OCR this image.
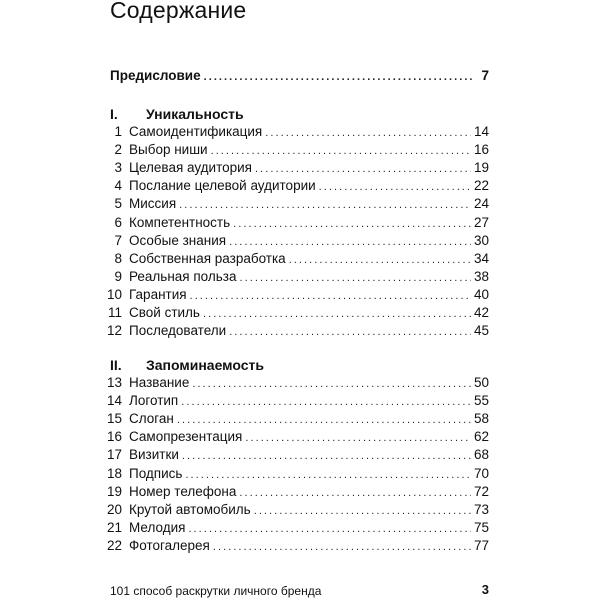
Содержание
Предисловие . . .	7
I.	Уникальность
1 Самоидентификация . . .	14
2 Выбор ниши . . .	16
3 Целевая аудитория . . .	19
4 Послание целевой аудитории . . .	22
5 Миссия . . .	24
6 Компетентность . . .	27
7 Особые знания . . .	30
8 Собственная разработка . . .	34
9 Реальная польза . . .	38
10 Гарантия . . .	40
11 Свой стиль . . .	42
12 Последователи . . .	45
II.	Запоминаемость
13 Название . . .	50
14 Логотип . . .	55
15 Слоган . . .	58
16 Самопрезентация . . .	62
17 Визитки . . .	68
18 Подпись . . .	70
19 Номер телефона . . .	72
20 Крутой автомобиль . . .	73
21 Мелодия . . .	75
22 Фотогалерея . . .	77
101 способ раскрутки личного бренда	3
